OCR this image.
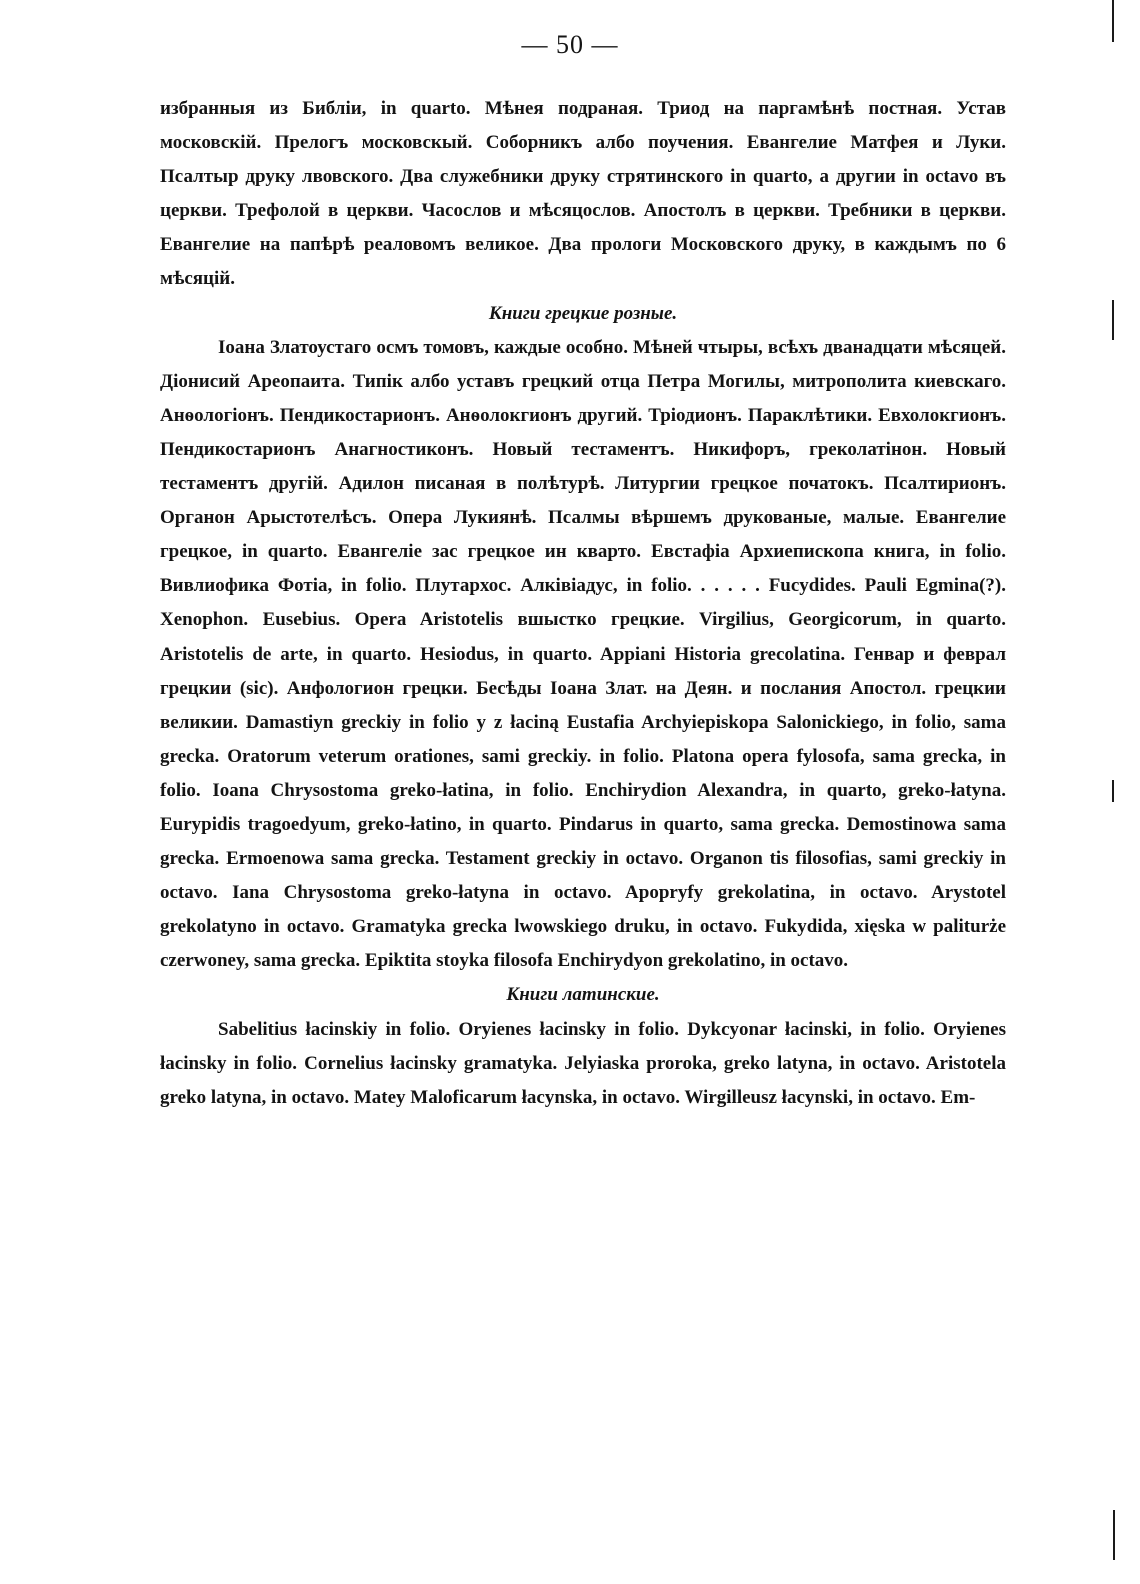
— 50 —

избранныя из Библіи, in quarto. Мѣнея подраная. Триод на паргамѣнѣ постная. Устав московскій. Прелогъ московскый. Соборникъ албо поучения. Евангелие Матфея и Луки. Псалтыр друку лвовского. Два служебники друку стрятинского in quarto, а другии in octavo въ церкви. Трефолой в церкви. Часослов и мѣсяцослов. Апостолъ в церкви. Требники в церкви. Евангелие на папѣрѣ реаловомъ великое. Два прологи Московского друку, в каждымъ по 6 мѣсяцій.

Книги грецкие розные.

Іоана Златоустаго осмъ томовъ, каждые особно. Мѣней чтыры, всѣхъ дванадцати мѣсяцей. Діонисий Ареопаита. Типік албо уставъ грецкий отца Петра Могилы, митрополита киевскаго. Анѳологіонъ. Пендикостарионъ. Анѳолокгионъ другий. Тріодионъ. Параклѣтики. Евхолокгионъ. Пендикостарионъ Анагностиконъ. Новый тестаментъ. Никифоръ, греколатінон. Новый тестаментъ другій. Адилон писаная в полѣтурѣ. Литургии грецкое початокъ. Псалтирионъ. Органон Арыстотелѣсъ. Опера Лукиянѣ. Псалмы вѣршемъ друкованые, малые. Евангелие грецкое, in quarto. Евангеліе зас грецкое ин кварто. Евстафіа Архиепископа книга, in folio. Вивлиофика Фотіа, in folio. Плутархос. Алківіадус, in folio. . . . . . Fucydides. Pauli Egmina(?). Xenophon. Eusebius. Opera Aristotelis вшыстко грецкие. Virgilius, Georgicorum, in quarto. Aristotelis de arte, in quarto. Hesiodus, in quarto. Appiani Historia grecolatina. Генвар и феврал грецкии (sic). Анфологион грецки. Бесѣды Іоана Злат. на Деян. и послания Апостол. грецкии великии. Damastiyn greckiy in folio y z łaciną Eustafia Archyiepiskopa Salonickiego, in folio, sama grecka. Oratorum veterum orationes, sami greckiy. in folio. Platona opera fylosofa, sama grecka, in folio. Ioana Chrysostoma greko-łatina, in folio. Enchirydion Alexandra, in quarto, greko-łatyna. Eurypidis tragoedyum, greko-łatino, in quarto. Pindarus in quarto, sama grecka. Demostinowa sama grecka. Ermoenowa sama grecka. Testament greckiy in octavo. Organon tis filosofias, sami greckiy in octavo. Iana Chrysostoma greko-łatyna in octavo. Apopryfy grekolatina, in octavo. Arystotel grekolatyno in octavo. Gramatyka grecka lwowskiego druku, in octavo. Fukydida, xięska w paliturże czerwoney, sama grecka. Epiktita stoyka filosofa Enchirydyon grekolatino, in octavo.

Книги латинские.

Sabelitius łacinskiy in folio. Oryienes łacinsky in folio. Dykcyonar łacinski, in folio. Oryienes łacinsky in folio. Cornelius łacinsky gramatyka. Jelyiaska proroka, greko latyna, in octavo. Aristotela greko latyna, in octavo. Matey Maloficarum łacynska, in octavo. Wirgilleusz łacynski, in octavo. Em-
